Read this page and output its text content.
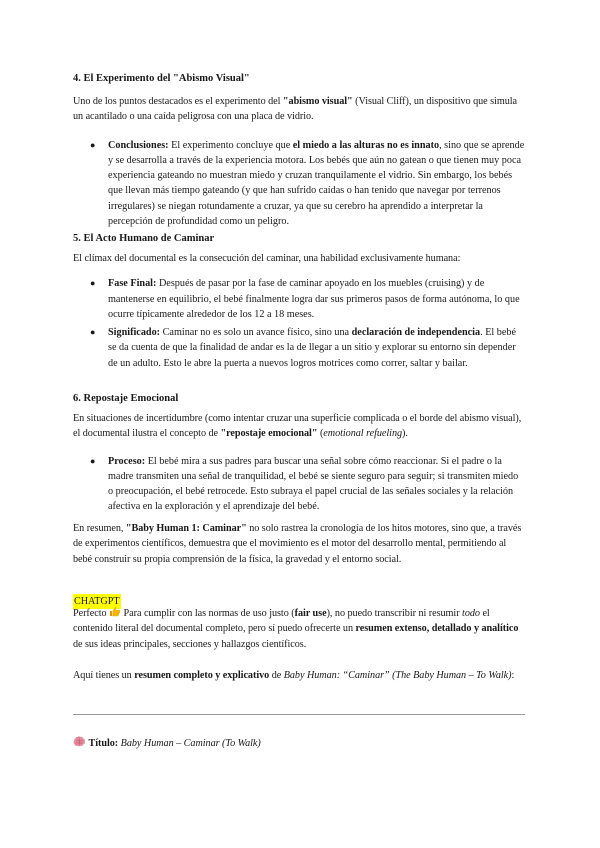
4. El Experimento del "Abismo Visual"

Uno de los puntos destacados es el experimento del "abismo visual" (Visual Cliff), un dispositivo que simula un acantilado o una caída peligrosa con una placa de vidrio.

● Conclusiones: El experimento concluye que el miedo a las alturas no es innato, sino que se aprende y se desarrolla a través de la experiencia motora. Los bebés que aún no gatean o que tienen muy poca experiencia gateando no muestran miedo y cruzan tranquilamente el vidrio. Sin embargo, los bebés que llevan más tiempo gateando (y que han sufrido caídas o han tenido que navegar por terrenos irregulares) se niegan rotundamente a cruzar, ya que su cerebro ha aprendido a interpretar la percepción de profundidad como un peligro.
5. El Acto Humano de Caminar

El clímax del documental es la consecución del caminar, una habilidad exclusivamente humana:

● Fase Final: Después de pasar por la fase de caminar apoyado en los muebles (cruising) y de mantenerse en equilibrio, el bebé finalmente logra dar sus primeros pasos de forma autónoma, lo que ocurre típicamente alrededor de los 12 a 18 meses.
● Significado: Caminar no es solo un avance físico, sino una declaración de independencia. El bebé se da cuenta de que la finalidad de andar es la de llegar a un sitio y explorar su entorno sin depender de un adulto. Esto le abre la puerta a nuevos logros motrices como correr, saltar y bailar.
6. Repostaje Emocional

En situaciones de incertidumbre (como intentar cruzar una superficie complicada o el borde del abismo visual), el documental ilustra el concepto de "repostaje emocional" (emotional refueling).

● Proceso: El bebé mira a sus padres para buscar una señal sobre cómo reaccionar. Si el padre o la madre transmiten una señal de tranquilidad, el bebé se siente seguro para seguir; si transmiten miedo o preocupación, el bebé retrocede. Esto subraya el papel crucial de las señales sociales y la relación afectiva en la exploración y el aprendizaje del bebé.

En resumen, "Baby Human 1: Caminar" no solo rastrea la cronología de los hitos motores, sino que, a través de experimentos científicos, demuestra que el movimiento es el motor del desarrollo mental, permitiendo al bebé construir su propia comprensión de la física, la gravedad y el entorno social.

CHATGPT

Perfecto  Para cumplir con las normas de uso justo (fair use), no puedo transcribir ni resumir todo el contenido literal del documental completo, pero sí puedo ofrecerte un resumen extenso, detallado y analítico de sus ideas principales, secciones y hallazgos científicos.

Aquí tienes un resumen completo y explicativo de Baby Human: “Caminar” (The Baby Human – To Walk):

Título: Baby Human – Caminar (To Walk)
